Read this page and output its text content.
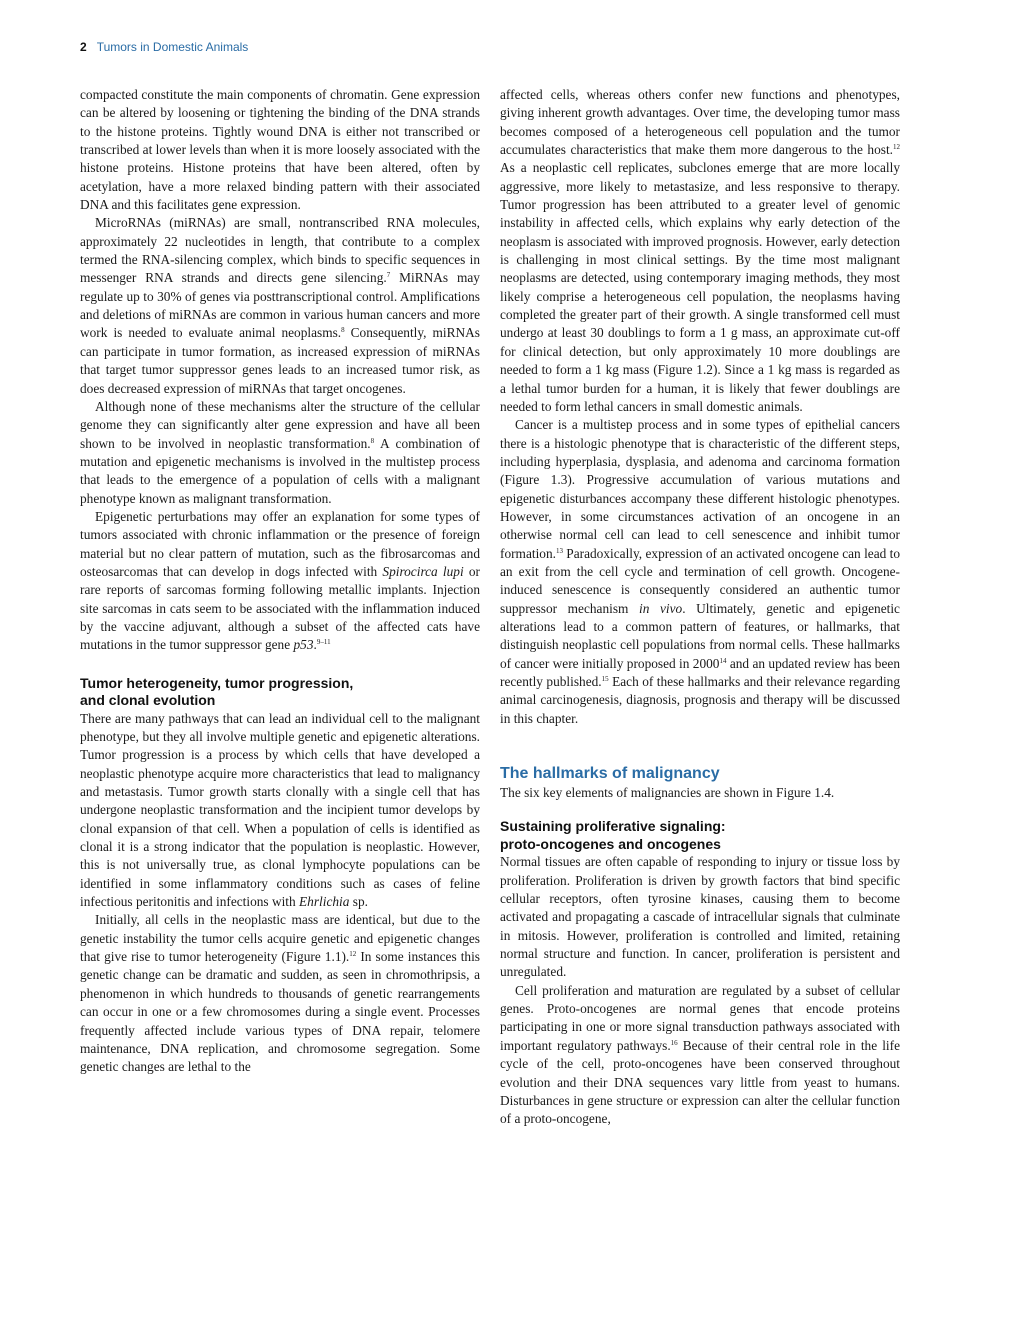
2 Tumors in Domestic Animals

compacted constitute the main components of chromatin. Gene expression can be altered by loosening or tightening the binding of the DNA strands to the histone proteins. Tightly wound DNA is either not transcribed or transcribed at lower levels than when it is more loosely associated with the histone proteins. Histone proteins that have been altered, often by acetylation, have a more relaxed binding pattern with their associated DNA and this facilitates gene expression.

MicroRNAs (miRNAs) are small, nontranscribed RNA molecules, approximately 22 nucleotides in length, that contribute to a complex termed the RNA-silencing complex, which binds to specific sequences in messenger RNA strands and directs gene silencing.$^7$ MiRNAs may regulate up to 30% of genes via posttranscriptional control. Amplifications and deletions of miRNAs are common in various human cancers and more work is needed to evaluate animal neoplasms.$^8$ Consequently, miRNAs can participate in tumor formation, as increased expression of miRNAs that target tumor suppressor genes leads to an increased tumor risk, as does decreased expression of miRNAs that target oncogenes.

Although none of these mechanisms alter the structure of the cellular genome they can significantly alter gene expression and have all been shown to be involved in neoplastic transformation.$^8$ A combination of mutation and epigenetic mechanisms is involved in the multistep process that leads to the emergence of a population of cells with a malignant phenotype known as malignant transformation.

Epigenetic perturbations may offer an explanation for some types of tumors associated with chronic inflammation or the presence of foreign material but no clear pattern of mutation, such as the fibrosarcomas and osteosarcomas that can develop in dogs infected with Spirocirca lupi or rare reports of sarcomas forming following metallic implants. Injection site sarcomas in cats seem to be associated with the inflammation induced by the vaccine adjuvant, although a subset of the affected cats have mutations in the tumor suppressor gene p53.$^{9-11}$

Tumor heterogeneity, tumor progression,
and clonal evolution

There are many pathways that can lead an individual cell to the malignant phenotype, but they all involve multiple genetic and epigenetic alterations. Tumor progression is a process by which cells that have developed a neoplastic phenotype acquire more characteristics that lead to malignancy and metastasis. Tumor growth starts clonally with a single cell that has undergone neoplastic transformation and the incipient tumor develops by clonal expansion of that cell. When a population of cells is identified as clonal it is a strong indicator that the population is neoplastic. However, this is not universally true, as clonal lymphocyte populations can be identified in some inflammatory conditions such as cases of feline infectious peritonitis and infections with Ehrlichia sp.

Initially, all cells in the neoplastic mass are identical, but due to the genetic instability the tumor cells acquire genetic and epigenetic changes that give rise to tumor heterogeneity (Figure 1.1).$^{12}$ In some instances this genetic change can be dramatic and sudden, as seen in chromothripsis, a phenomenon in which hundreds to thousands of genetic rearrangements can occur in one or a few chromosomes during a single event. Processes frequently affected include various types of DNA repair, telomere maintenance, DNA replication, and chromosome segregation. Some genetic changes are lethal to the

affected cells, whereas others confer new functions and phenotypes, giving inherent growth advantages. Over time, the developing tumor mass becomes composed of a heterogeneous cell population and the tumor accumulates characteristics that make them more dangerous to the host.$^{12}$ As a neoplastic cell replicates, subclones emerge that are more locally aggressive, more likely to metastasize, and less responsive to therapy. Tumor progression has been attributed to a greater level of genomic instability in affected cells, which explains why early detection of the neoplasm is associated with improved prognosis. However, early detection is challenging in most clinical settings. By the time most malignant neoplasms are detected, using contemporary imaging methods, they most likely comprise a heterogeneous cell population, the neoplasms having completed the greater part of their growth. A single transformed cell must undergo at least 30 doublings to form a 1 g mass, an approximate cut-off for clinical detection, but only approximately 10 more doublings are needed to form a 1 kg mass (Figure 1.2). Since a 1 kg mass is regarded as a lethal tumor burden for a human, it is likely that fewer doublings are needed to form lethal cancers in small domestic animals.

Cancer is a multistep process and in some types of epithelial cancers there is a histologic phenotype that is characteristic of the different steps, including hyperplasia, dysplasia, and adenoma and carcinoma formation (Figure 1.3). Progressive accumulation of various mutations and epigenetic disturbances accompany these different histologic phenotypes. However, in some circumstances activation of an oncogene in an otherwise normal cell can lead to cell senescence and inhibit tumor formation.$^{13}$ Paradoxically, expression of an activated oncogene can lead to an exit from the cell cycle and termination of cell growth. Oncogene-induced senescence is consequently considered an authentic tumor suppressor mechanism in vivo. Ultimately, genetic and epigenetic alterations lead to a common pattern of features, or hallmarks, that distinguish neoplastic cell populations from normal cells. These hallmarks of cancer were initially proposed in 2000$^{14}$ and an updated review has been recently published.$^{15}$ Each of these hallmarks and their relevance regarding animal carcinogenesis, diagnosis, prognosis and therapy will be discussed in this chapter.

The hallmarks of malignancy

The six key elements of malignancies are shown in Figure 1.4.

Sustaining proliferative signaling:
proto-oncogenes and oncogenes

Normal tissues are often capable of responding to injury or tissue loss by proliferation. Proliferation is driven by growth factors that bind specific cellular receptors, often tyrosine kinases, causing them to become activated and propagating a cascade of intracellular signals that culminate in mitosis. However, proliferation is controlled and limited, retaining normal structure and function. In cancer, proliferation is persistent and unregulated.

Cell proliferation and maturation are regulated by a subset of cellular genes. Proto-oncogenes are normal genes that encode proteins participating in one or more signal transduction pathways associated with important regulatory pathways.$^{16}$ Because of their central role in the life cycle of the cell, proto-oncogenes have been conserved throughout evolution and their DNA sequences vary little from yeast to humans. Disturbances in gene structure or expression can alter the cellular function of a proto-oncogene,
